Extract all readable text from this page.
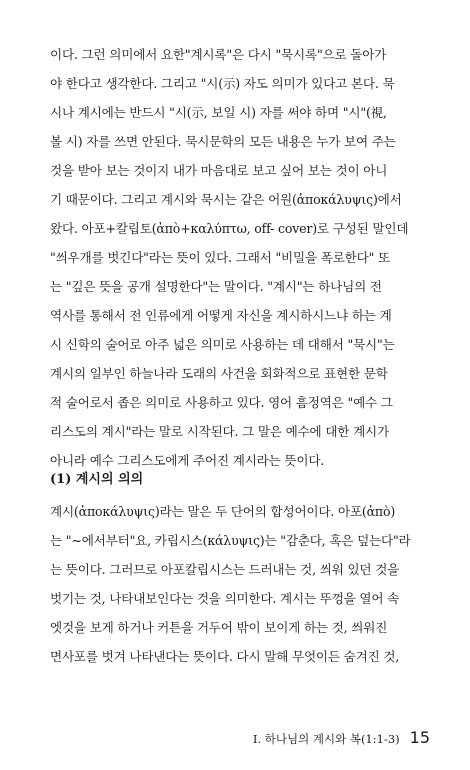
이다. 그런 의미에서 요한"계시록"은 다시 "묵시록"으로 돌아가
야 한다고 생각한다. 그리고 "시(示) 자도 의미가 있다고 본다. 묵
시나 계시에는 반드시 "시(示, 보일 시) 자를 써야 하며 "시"(視,
볼 시) 자를 쓰면 안된다. 묵시문학의 모든 내용은 누가 보여 주는
것을 받아 보는 것이지 내가 마음대로 보고 싶어 보는 것이 아니
기 때문이다. 그리고 계시와 묵시는 같은 어원(ἀποκάλυψις)에서
왔다. 아포+칼립토(ἀπὸ+καλύπτω, off- cover)로 구성된 말인데
"씌우개를 벗긴다"라는 뜻이 있다. 그래서 "비밀을 폭로한다" 또
는 "깊은 뜻을 공개 설명한다"는 말이다. "계시"는 하나님의 전
역사를 통해서 전 인류에게 어떻게 자신을 계시하시느냐 하는 계
시 신학의 술어로 아주 넓은 의미로 사용하는 데 대해서 "묵시"는
계시의 일부인 하늘나라 도래의 사건을 회화적으로 표현한 문학
적 술어로서 좁은 의미로 사용하고 있다. 영어 흠정역은 "예수 그
리스도의 계시"라는 말로 시작된다. 그 말은 예수에 대한 계시가
아니라 예수 그리스도에게 주어진 계시라는 뜻이다.
(1) 계시의 의의
계시(ἀποκάλυψις)라는 말은 두 단어의 합성어이다. 아포(ἀπὸ)
는 "~에서부터"요, 카립시스(κάλυψις)는 "감춘다, 혹은 덮는다"라
는 뜻이다. 그러므로 아포칼립시스는 드러내는 것, 씌워 있던 것을
벗기는 것, 나타내보인다는 것을 의미한다. 계시는 뚜껑을 열어 속
엣것을 보게 하거나 커튼을 거두어 밖이 보이게 하는 것, 씌워진
면사포를 벗겨 나타낸다는 뜻이다. 다시 말해 무엇이든 숨겨진 것,
Ⅰ. 하나님의 계시와 복(1:1-3) 15
